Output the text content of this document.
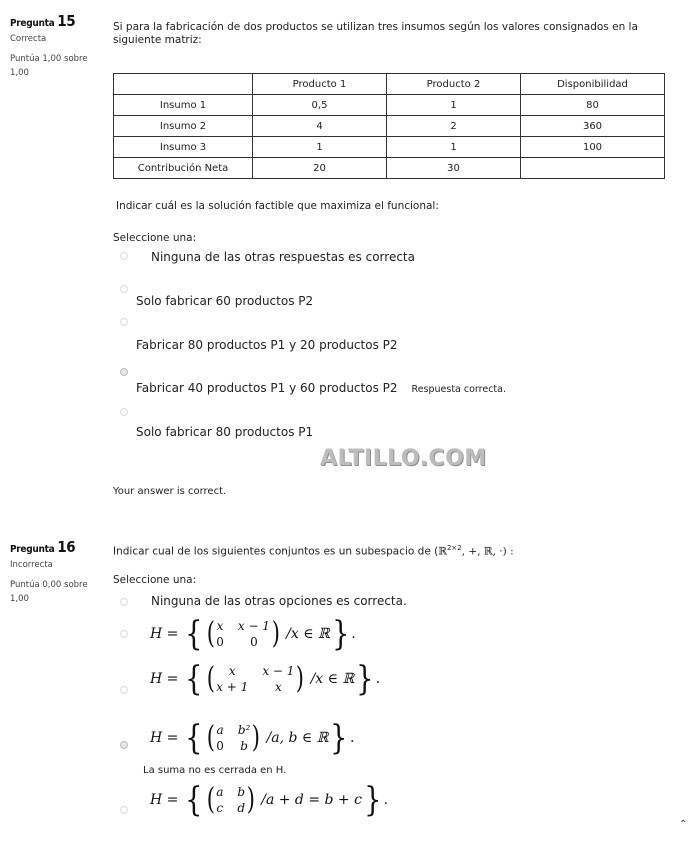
Pregunta 15
Correcta
Puntúa 1,00 sobre 1,00
Si para la fabricación de dos productos se utilizan tres insumos según los valores consignados en la siguiente matriz:
	Producto 1	Producto 2	Disponibilidad
Insumo 1	0,5	1	80
Insumo 2	4	2	360
Insumo 3	1	1	100
Contribución Neta	20	30	
Indicar cuál es la solución factible que maximiza el funcional:
Seleccione una:
Ninguna de las otras respuestas es correcta
Solo fabricar 60 productos P2
Fabricar 80 productos P1 y 20 productos P2
Fabricar 40 productos P1 y 60 productos P2 Respuesta correcta.
Solo fabricar 80 productos P1
ALTILLO.COM
Your answer is correct.
Pregunta 16
Incorrecta
Puntúa 0,00 sobre 1,00
Indicar cual de los siguientes conjuntos es un subespacio de (ℝ$^{2\times 2}$, +, ℝ, ·) :
Seleccione una:
Ninguna de las otras opciones es correcta.
H
=
{ ( x x − 1
0	0 )
/x ∈ ℝ } .
H
=
{ (	x	x − 1
x + 1	x )
/x ∈ ℝ } .
H
=
{ ( a b²
0 b )
/a, b ∈ ℝ } .
La suma no es cerrada en H.
H
=
{ ( a b
c d )
/a + d = b + c } .
⌃
